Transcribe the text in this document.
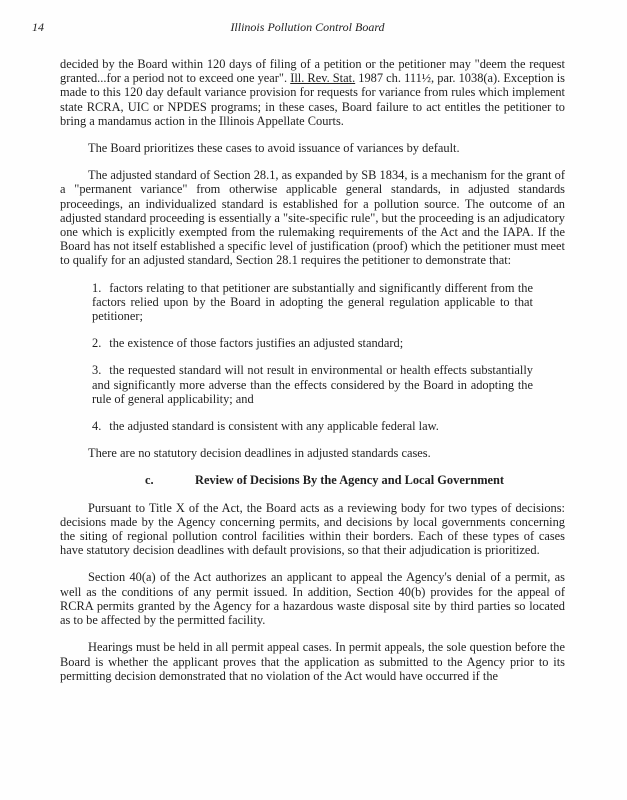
14	Illinois Pollution Control Board

decided by the Board within 120 days of filing of a petition or the petitioner may "deem the request granted...for a period not to exceed one year". Ill. Rev. Stat. 1987 ch. 111½, par. 1038(a). Exception is made to this 120 day default variance provision for requests for variance from rules which implement state RCRA, UIC or NPDES programs; in these cases, Board failure to act entitles the petitioner to bring a mandamus action in the Illinois Appellate Courts.

The Board prioritizes these cases to avoid issuance of variances by default.

The adjusted standard of Section 28.1, as expanded by SB 1834, is a mechanism for the grant of a "permanent variance" from otherwise applicable general standards, in adjusted standards proceedings, an individualized standard is established for a pollution source. The outcome of an adjusted standard proceeding is essentially a "site-specific rule", but the proceeding is an adjudicatory one which is explicitly exempted from the rulemaking requirements of the Act and the IAPA. If the Board has not itself established a specific level of justification (proof) which the petitioner must meet to qualify for an adjusted standard, Section 28.1 requires the petitioner to demonstrate that:

1. factors relating to that petitioner are substantially and significantly different from the factors relied upon by the Board in adopting the general regulation applicable to that petitioner;

2. the existence of those factors justifies an adjusted standard;

3. the requested standard will not result in environmental or health effects substantially and significantly more adverse than the effects considered by the Board in adopting the rule of general applicability; and

4. the adjusted standard is consistent with any applicable federal law.

There are no statutory decision deadlines in adjusted standards cases.

c.	Review of Decisions By the Agency and Local Government

Pursuant to Title X of the Act, the Board acts as a reviewing body for two types of decisions: decisions made by the Agency concerning permits, and decisions by local governments concerning the siting of regional pollution control facilities within their borders. Each of these types of cases have statutory decision deadlines with default provisions, so that their adjudication is prioritized.

Section 40(a) of the Act authorizes an applicant to appeal the Agency's denial of a permit, as well as the conditions of any permit issued. In addition, Section 40(b) provides for the appeal of RCRA permits granted by the Agency for a hazardous waste disposal site by third parties so located as to be affected by the permitted facility.

Hearings must be held in all permit appeal cases. In permit appeals, the sole question before the Board is whether the applicant proves that the application as submitted to the Agency prior to its permitting decision demonstrated that no violation of the Act would have occurred if the
